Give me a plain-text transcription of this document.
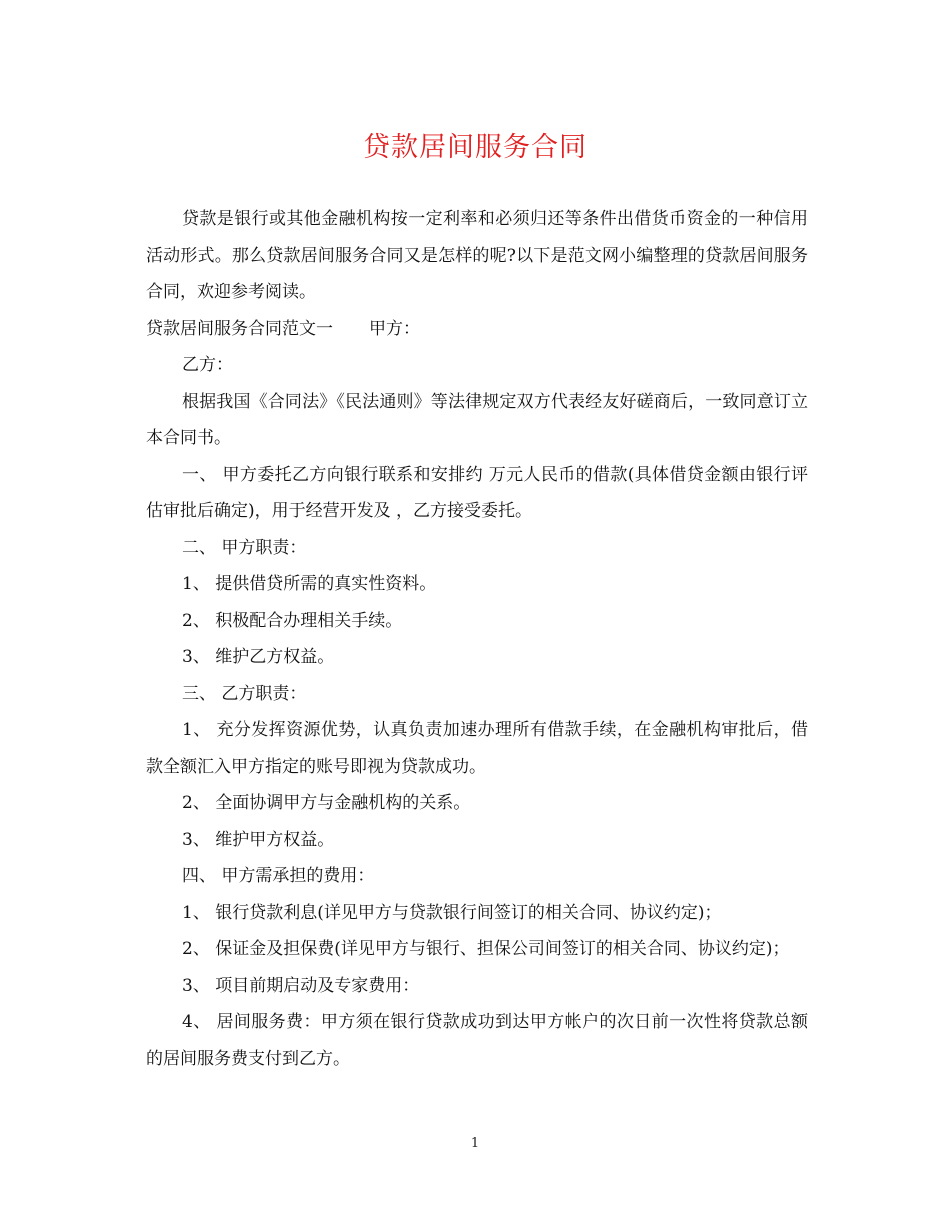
贷款居间服务合同

贷款是银行或其他金融机构按一定利率和必须归还等条件出借货币资金的一种信用活动形式。那么贷款居间服务合同又是怎样的呢?以下是范文网小编整理的贷款居间服务合同，欢迎参考阅读。

贷款居间服务合同范文一 甲方：

乙方：

根据我国《合同法》《民法通则》等法律规定双方代表经友好磋商后，一致同意订立本合同书。

一、 甲方委托乙方向银行联系和安排约 万元人民币的借款(具体借贷金额由银行评估审批后确定)，用于经营开发及 ，乙方接受委托。

二、 甲方职责：

1、 提供借贷所需的真实性资料。

2、 积极配合办理相关手续。

3、 维护乙方权益。

三、 乙方职责：

1、 充分发挥资源优势，认真负责加速办理所有借款手续，在金融机构审批后，借款全额汇入甲方指定的账号即视为贷款成功。

2、 全面协调甲方与金融机构的关系。

3、 维护甲方权益。

四、 甲方需承担的费用：

1、 银行贷款利息(详见甲方与贷款银行间签订的相关合同、协议约定)；

2、 保证金及担保费(详见甲方与银行、担保公司间签订的相关合同、协议约定)；

3、 项目前期启动及专家费用：

4、 居间服务费：甲方须在银行贷款成功到达甲方帐户的次日前一次性将贷款总额 的居间服务费支付到乙方。

1
